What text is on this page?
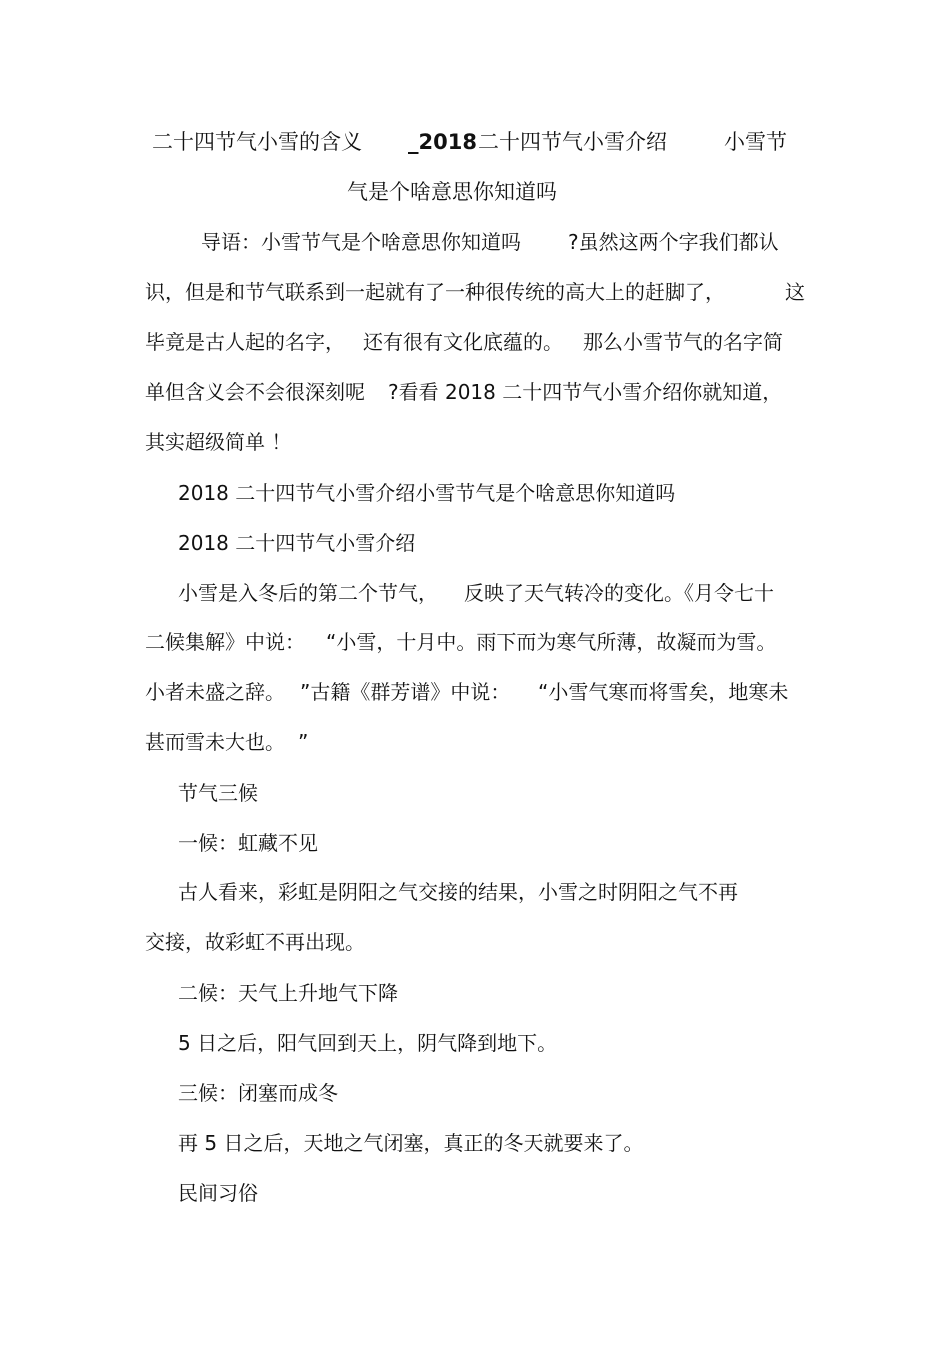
二十四节气小雪的含义 _2018 二十四节气小雪介绍	小雪节
气是个啥意思你知道吗
导语：小雪节气是个啥意思你知道吗 ?虽然这两个字我们都认
识，但是和节气联系到一起就有了一种很传统的高大上的赶脚了，	这
毕竟是古人起的名字， 还有很有文化底蕴的。 那么小雪节气的名字简
单但含义会不会很深刻呢 ?看看 2018 二十四节气小雪介绍你就知道，
其实超级简单 ！
2018 二十四节气小雪介绍小雪节气是个啥意思你知道吗
2018 二十四节气小雪介绍
小雪是入冬后的第二个节气， 反映了天气转冷的变化。《月令七十
二候集解》中说： “小雪，十月中。雨下而为寒气所薄，故凝而为雪。
小者未盛之辞。 ”古籍《群芳谱》中说： “小雪气寒而将雪矣，地寒未
甚而雪未大也。 ”
节气三候
一候：虹藏不见
古人看来，彩虹是阴阳之气交接的结果，小雪之时阴阳之气不再
交接，故彩虹不再出现。
二候：天气上升地气下降
5 日之后，阳气回到天上，阴气降到地下。
三候：闭塞而成冬
再 5 日之后，天地之气闭塞，真正的冬天就要来了。
民间习俗
